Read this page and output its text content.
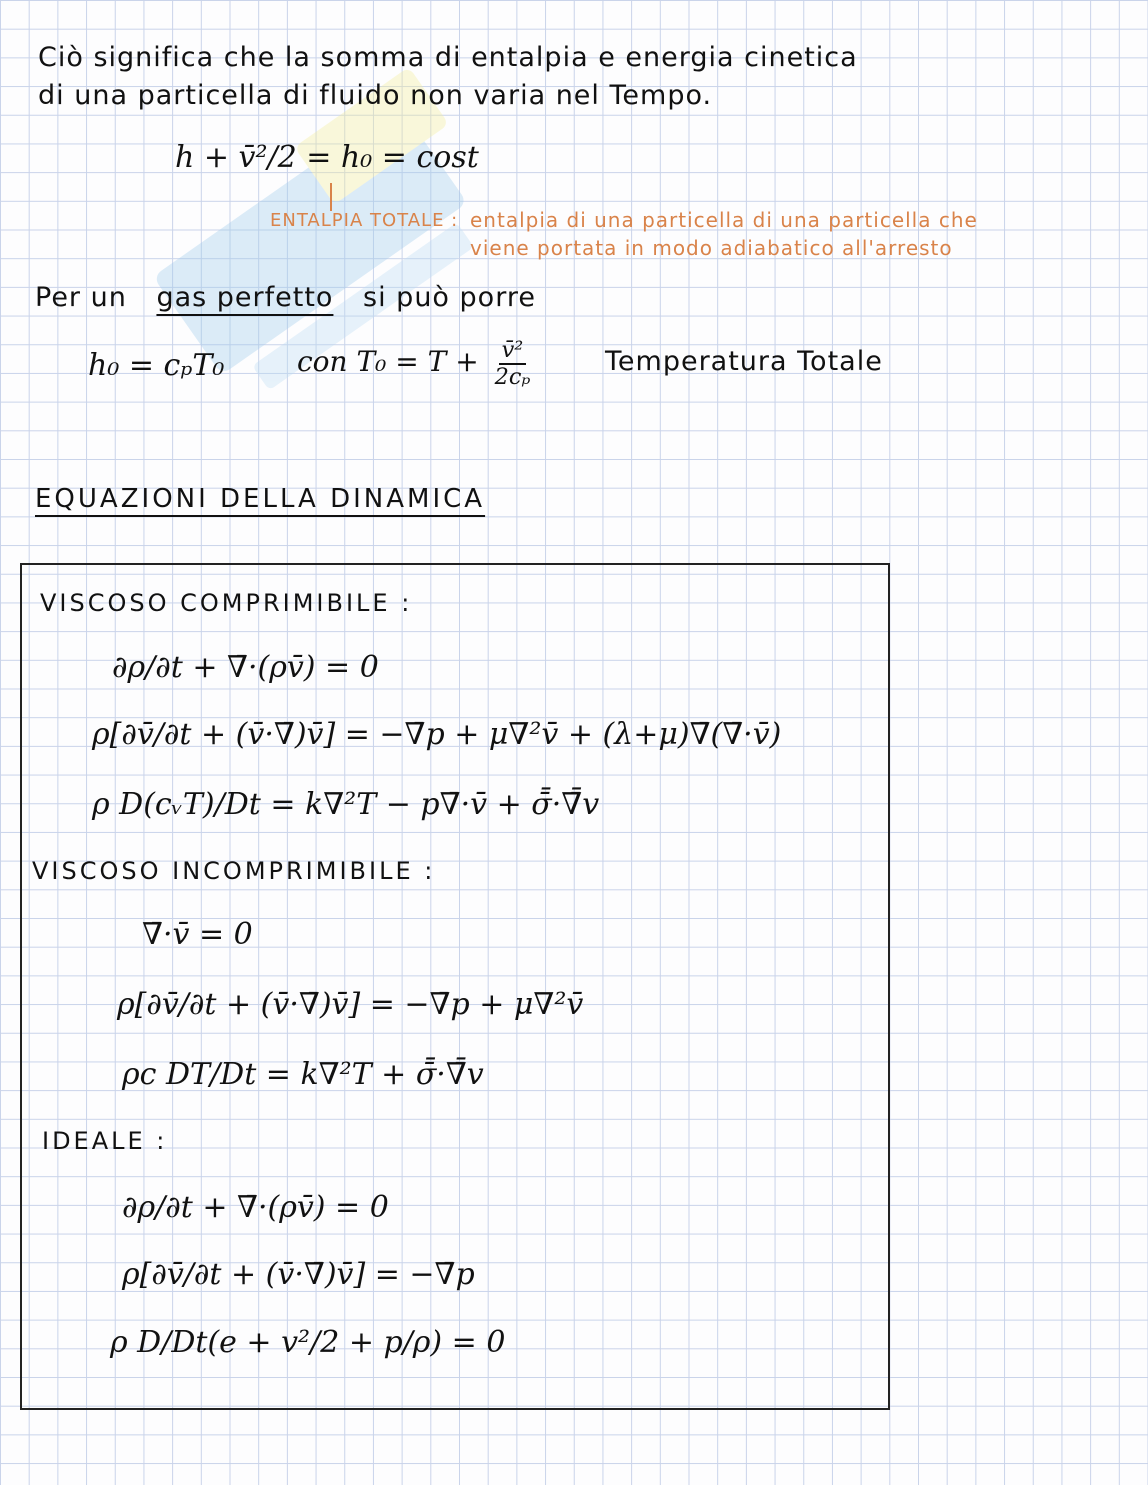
Ciò significa che la somma di entalpia e energia cinetica
di una particella di fluido non varia nel Tempo.
h + v̄²/2 = h₀ = cost
ENTALPIA TOTALE : entalpia di una particella di una particella che
viene portata in modo adiabatico all'arresto
Per un gas perfetto si può porre
h₀ = cₚT₀	con $T_0 = T + \frac{\text{v̄²}}{\text{2cₚ}}$	Temperatura Totale
EQUAZIONI DELLA DINAMICA
VISCOSO COMPRIMIBILE :
∂ρ/∂t + ∇̄·(ρv̄) = 0
ρ[∂v̄/∂t + (v̄·∇̄)v̄] = −∇̄p + μ∇²v̄ + (λ+μ)∇̄(∇̄·v̄)
ρ D(cᵥT)/Dt = k∇²T − p∇̄·v̄ + σ̄̄·∇̄̄v
VISCOSO INCOMPRIMIBILE :
∇̄·v̄ = 0
ρ[∂v̄/∂t + (v̄·∇̄)v̄] = −∇̄p + μ∇²v̄
ρc DT/Dt = k∇²T + σ̄̄·∇̄̄v
IDEALE :
∂ρ/∂t + ∇̄·(ρv̄) = 0
ρ[∂v̄/∂t + (v̄·∇̄)v̄] = −∇̄p
ρ D/Dt(e + v²/2 + p/ρ) = 0
